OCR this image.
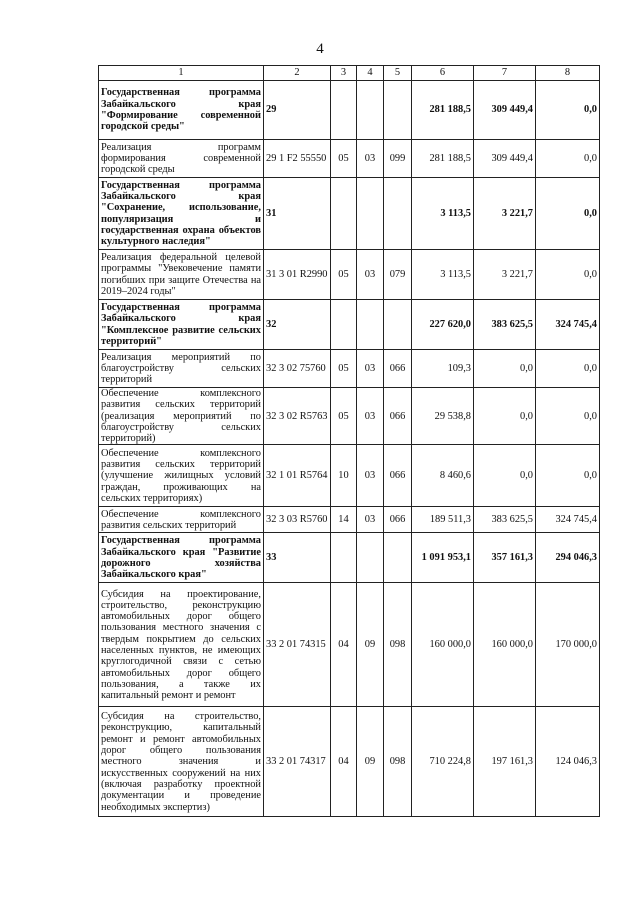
4
1	2	3	4	5	6	7	8
Государственная программа Забайкальского края "Формирование современной городской среды"	29				281 188,5	309 449,4	0,0
Реализация программ формирования современной городской среды	29 1 F2 55550	05	03	099	281 188,5	309 449,4	0,0
Государственная программа Забайкальского края "Сохранение, использование, популяризация и государственная охрана объектов культурного наследия"	31				3 113,5	3 221,7	0,0
Реализация федеральной целевой программы "Увековечение памяти погибших при защите Отечества на 2019–2024 годы"	31 3 01 R2990	05	03	079	3 113,5	3 221,7	0,0
Государственная программа Забайкальского края "Комплексное развитие сельских территорий"	32				227 620,0	383 625,5	324 745,4
Реализация мероприятий по благоустройству сельских территорий	32 3 02 75760	05	03	066	109,3	0,0	0,0
Обеспечение комплексного развития сельских территорий (реализация мероприятий по благоустройству сельских территорий)	32 3 02 R5763	05	03	066	29 538,8	0,0	0,0
Обеспечение комплексного развития сельских территорий (улучшение жилищных условий граждан, проживающих на сельских территориях)	32 1 01 R5764	10	03	066	8 460,6	0,0	0,0
Обеспечение комплексного развития сельских территорий	32 3 03 R5760	14	03	066	189 511,3	383 625,5	324 745,4
Государственная программа Забайкальского края "Развитие дорожного хозяйства Забайкальского края"	33				1 091 953,1	357 161,3	294 046,3
Субсидия на проектирование, строительство, реконструкцию автомобильных дорог общего пользования местного значения с твердым покрытием до сельских населенных пунктов, не имеющих круглогодичной связи с сетью автомобильных дорог общего пользования, а также их капитальный ремонт и ремонт	33 2 01 74315	04	09	098	160 000,0	160 000,0	170 000,0
Субсидия на строительство, реконструкцию, капитальный ремонт и ремонт автомобильных дорог общего пользования местного значения и искусственных сооружений на них (включая разработку проектной документации и проведение необходимых экспертиз)	33 2 01 74317	04	09	098	710 224,8	197 161,3	124 046,3
